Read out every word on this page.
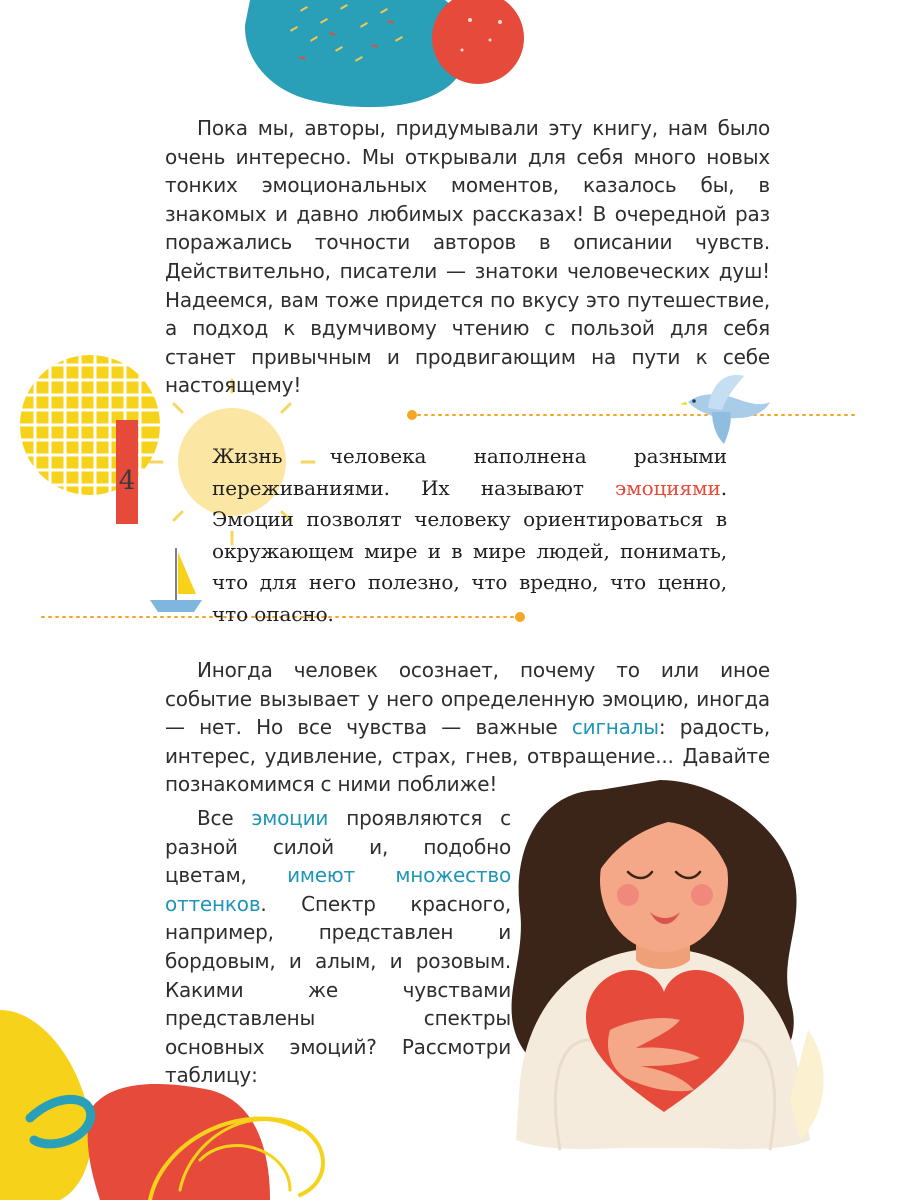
4

Пока мы, авторы, придумывали эту книгу, нам было очень интересно. Мы открывали для себя много новых тонких эмоциональных моментов, казалось бы, в знакомых и давно любимых рассказах! В очередной раз поражались точности авторов в описании чувств. Действительно, писатели — знатоки человеческих душ! Надеемся, вам тоже придется по вкусу это путешествие, а подход к вдумчивому чтению с пользой для себя станет привычным и продвигающим на пути к себе настоящему!

Жизнь человека наполнена разными переживаниями. Их называют эмоциями. Эмоции позволят человеку ориентироваться в окружающем мире и в мире людей, понимать, что для него полезно, что вредно, что ценно, что опасно.

Иногда человек осознает, почему то или иное событие вызывает у него определенную эмоцию, иногда — нет. Но все чувства — важные сигналы: радость, интерес, удивление, страх, гнев, отвращение... Давайте познакомимся с ними поближе!

Все эмоции проявляются с разной силой и, подобно цветам, имеют множество оттенков. Спектр красного, например, представлен и бордовым, и алым, и розовым. Какими же чувствами представлены спектры основных эмоций? Рассмотри таблицу:
